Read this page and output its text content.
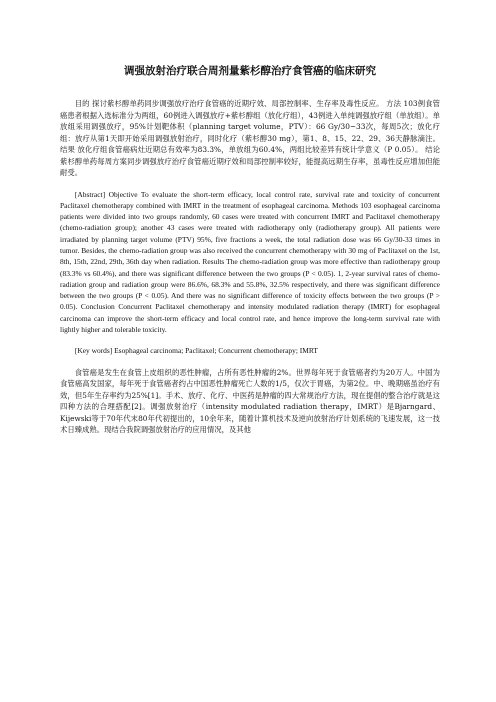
调强放射治疗联合周剂量紫杉醇治疗食管癌的临床研究

目的 探讨紫杉醇单药同步调强放疗治疗食管癌的近期疗效、局部控制率、生存率及毒性反应。 方法 103例食管癌患者根据入选标准分为两组，60例进入调强放疗+紫杉醇组（放化疗组），43例进入单纯调强放疗组（单放组）。单放组采用调强放疗，95%计划靶体积（planning target volume，PTV）：66 Gy/30~33次，每周5次；放化疗组：放疗从第1天即开始采用调强放射治疗，同时化疗（紫杉醇30 mg），第1、8、15、22、29、36天静脉滴注。 结果 放化疗组食管癌病灶近期总有效率为83.3%，单放组为60.4%，两组比较差异有统计学意义（P 0.05）。 结论 紫杉醇单药每周方案同步调强放疗治疗食管癌近期疗效和局部控制率较好，能提高远期生存率，虽毒性反应增加但能耐受。

[Abstract] Objective To evaluate the short-term efficacy, local control rate, survival rate and toxicity of concurrent Paclitaxel chemotherapy combined with IMRT in the treatment of esophageal carcinoma. Methods 103 esophageal carcinoma patients were divided into two groups randomly, 60 cases were treated with concurrent IMRT and Paclitaxel chemotherapy (chemo-radiation group); another 43 cases were treated with radiotherapy only (radiotherapy group). All patients were irradiated by planning target volume (PTV) 95%, five fractions a week, the total radiation dose was 66 Gy/30-33 times in tumor. Besides, the chemo-radiation group was also received the concurrent chemotherapy with 30 mg of Paclitaxel on the 1st, 8th, 15th, 22nd, 29th, 36th day when radiation. Results The chemo-radiation group was more effective than radiotherapy group (83.3% vs 60.4%), and there was significant difference between the two groups (P < 0.05). 1, 2-year survival rates of chemo-radiation group and radiation group were 86.6%, 68.3% and 55.8%, 32.5% respectively, and there was significant difference between the two groups (P < 0.05). And there was no significant difference of toxicity effects between the two groups (P > 0.05). Conclusion Concurrent Paclitaxel chemotherapy and intensity modulated radiation therapy (IMRT) for esophageal carcinoma can improve the short-term efficacy and local control rate, and hence improve the long-term survival rate with lightly higher and tolerable toxicity.

[Key words] Esophageal carcinoma; Paclitaxel; Concurrent chemotherapy; IMRT

食管癌是发生在食管上皮组织的恶性肿瘤，占所有恶性肿瘤的2%。世界每年死于食管癌者约为20万人。中国为食管癌高发国家，每年死于食管癌者约占中国恶性肿瘤死亡人数的1/5，仅次于胃癌，为第2位。中、晚期癌虽治疗有效，但5年生存率约为25%[1]。手术、放疗、化疗、中医药是肿瘤的四大常规治疗方法，现在提倡的整合治疗就是这四种方法的合理搭配[2]。调强放射治疗（intensity modulated radiation therapy，IMRT）是Bjarngard、Kijewski等于70年代末80年代初提出的，10余年来，随着计算机技术及逆向放射治疗计划系统的飞速发展，这一技术日臻成熟。现结合我院调强放射治疗的应用情况，及其他
